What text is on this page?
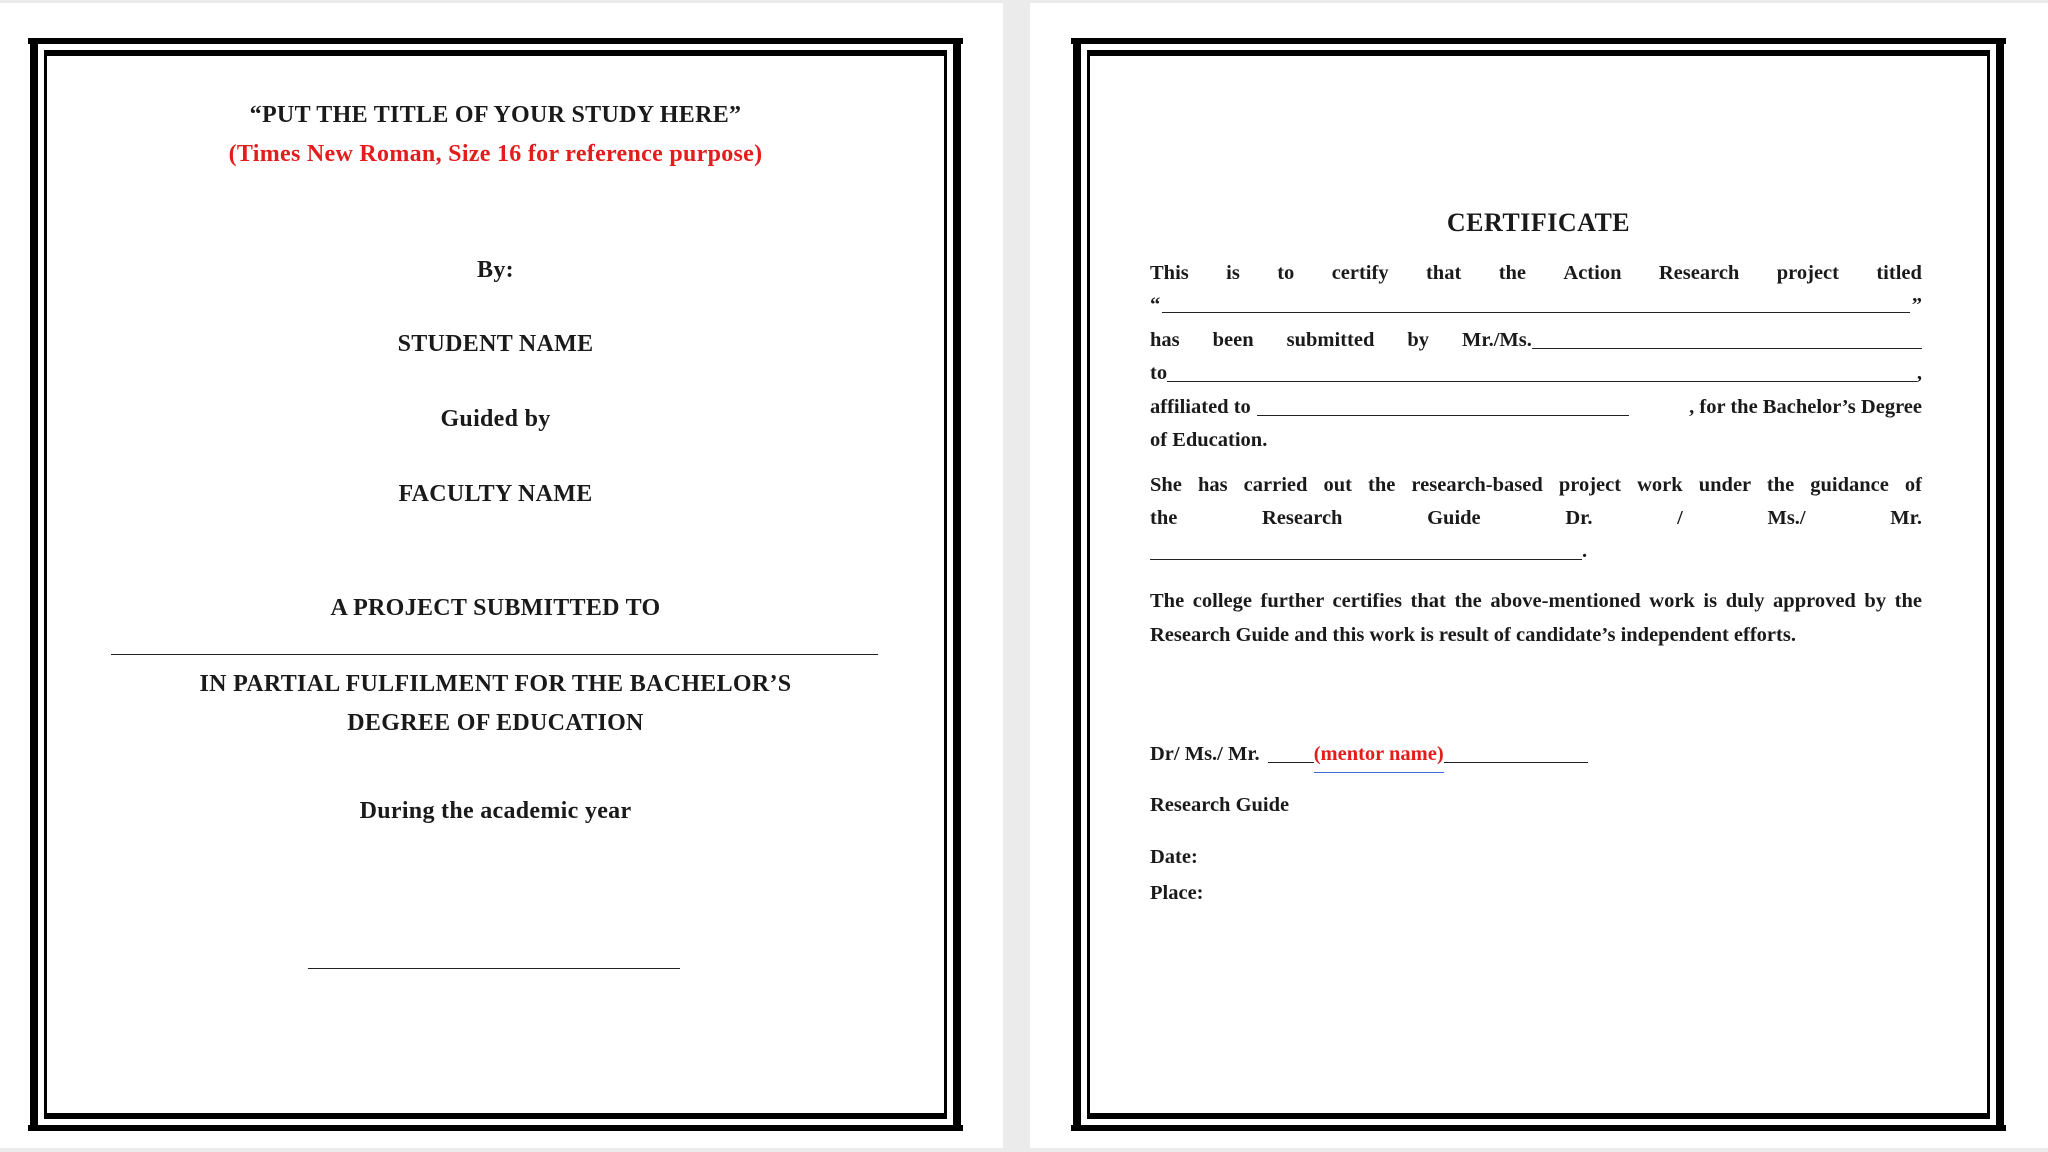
“PUT THE TITLE OF YOUR STUDY HERE”
(Times New Roman, Size 16 for reference purpose)
By:
STUDENT NAME
Guided by
FACULTY NAME
A PROJECT SUBMITTED TO
IN PARTIAL FULFILMENT FOR THE BACHELOR’S
DEGREE OF EDUCATION
During the academic year
CERTIFICATE
This is to certify that the Action Research project titled
“	”
has been submitted by Mr./Ms.
to	,
affiliated to	, for the Bachelor’s Degree
of Education.
She has carried out the research-based project work under the guidance of
the	Research	Guide	Dr.	/	Ms./	Mr.
.
The college further certifies that the above-mentioned work is duly approved by the Research Guide and this work is result of candidate’s independent efforts.
Dr/ Ms./ Mr.	(mentor name)
Research Guide
Date:
Place:
